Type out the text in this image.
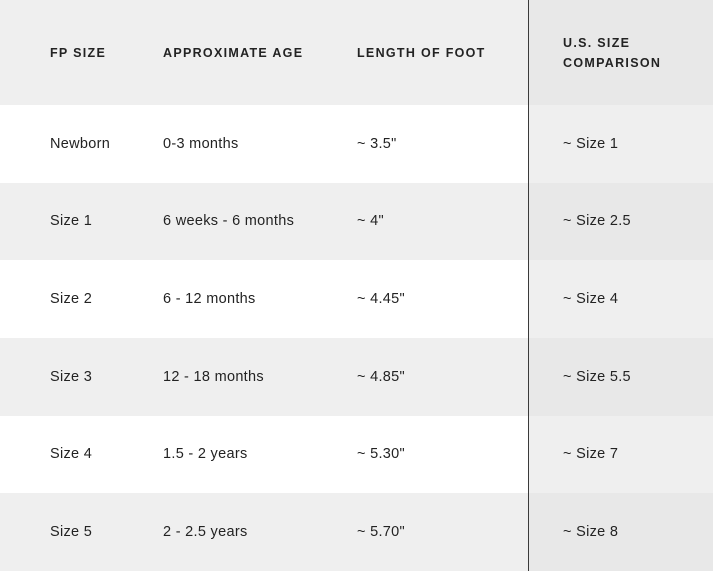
FP SIZE	APPROXIMATE AGE	LENGTH OF FOOT	U.S. SIZE COMPARISON
Newborn	0-3 months	~ 3.5"	~ Size 1
Size 1	6 weeks - 6 months	~ 4"	~ Size 2.5
Size 2	6 - 12 months	~ 4.45"	~ Size 4
Size 3	12 - 18 months	~ 4.85"	~ Size 5.5
Size 4	1.5 - 2 years	~ 5.30"	~ Size 7
Size 5	2 - 2.5 years	~ 5.70"	~ Size 8
